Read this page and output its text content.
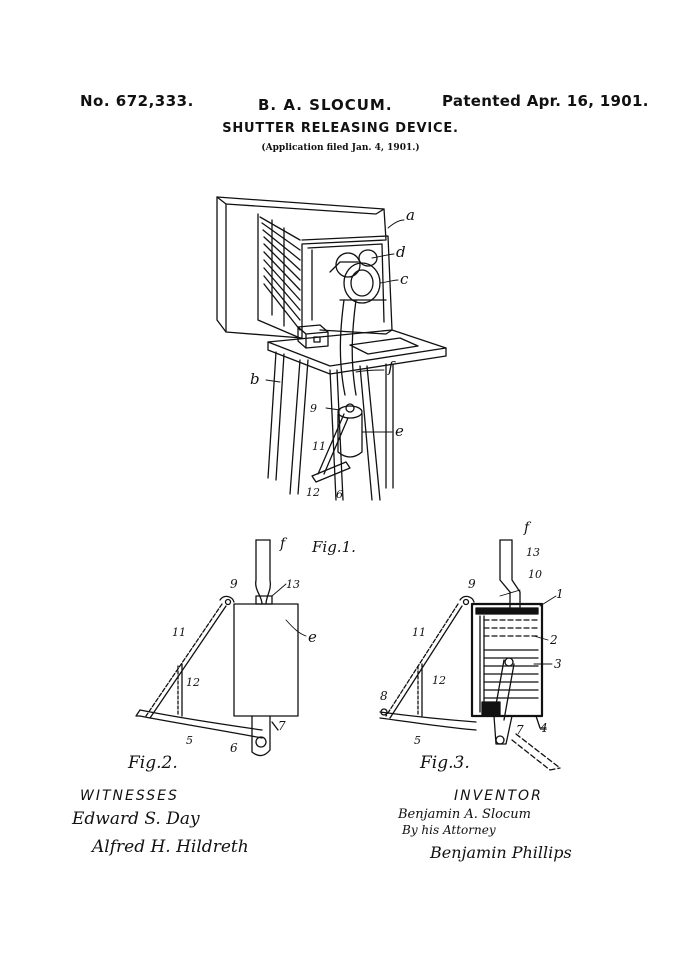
No. 672,333.	B. A. SLOCUM.	Patented Apr. 16, 1901.
SHUTTER RELEASING DEVICE.
(Application filed Jan. 4, 1901.)
a
d
c
b
f
e
9
11
12 6
Fig.1.
f
9	13
e
11
12
5
6
7
Fig.2.
f
13
9
10
1
11
2
3
12
8
5
7 4
Fig.3.
WITNESSES
Edward S. Day
Alfred H. Hildreth
INVENTOR
Benjamin A. Slocum
By his Attorney
Benjamin Phillips
